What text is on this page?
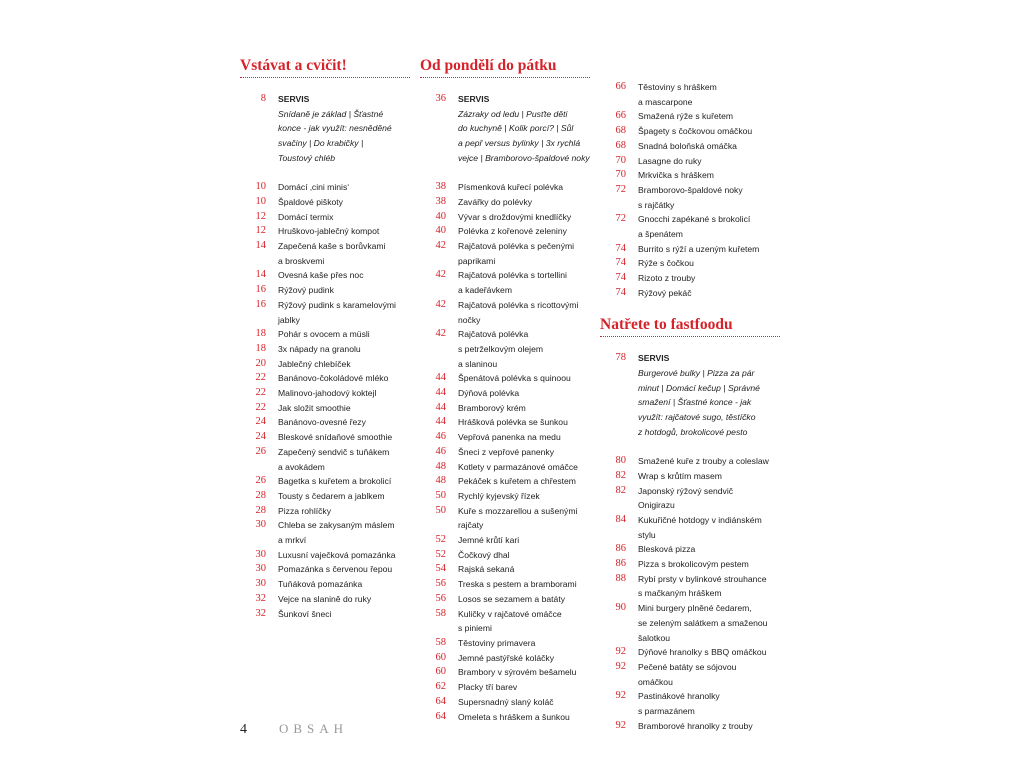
Vstávat a cvičit!
8	SERVIS
Snídaně je základ | Šťastné
konce - jak využít: nesněděné
svačiny | Do krabičky |
Toustový chléb
10	Domácí ‚cini minis‘
10	Špaldové piškoty
12	Domácí termix
12	Hruškovo-jablečný kompot
14	Zapečená kaše s borůvkami
a broskvemi
14	Ovesná kaše přes noc
16	Rýžový pudink
16	Rýžový pudink s karamelovými
jablky
18	Pohár s ovocem a müsli
18	3x nápady na granolu
20	Jablečný chlebíček
22	Banánovo-čokoládové mléko
22	Malinovo-jahodový koktejl
22	Jak složit smoothie
24	Banánovo-ovesné řezy
24	Bleskové snídaňové smoothie
26	Zapečený sendvič s tuňákem
a avokádem
26	Bagetka s kuřetem a brokolicí
28	Tousty s čedarem a jablkem
28	Pizza rohlíčky
30	Chleba se zakysaným máslem
a mrkví
30	Luxusní vaječková pomazánka
30	Pomazánka s červenou řepou
30	Tuňáková pomazánka
32	Vejce na slanině do ruky
32	Šunkoví šneci
Od pondělí do pátku
36	SERVIS
Zázraky od ledu | Pusťte děti
do kuchyně | Kolik porcí? | Sůl
a pepř versus bylinky | 3x rychlá
vejce | Bramborovo-špaldové noky
38	Písmenková kuřecí polévka
38	Zavářky do polévky
40	Vývar s droždovými knedlíčky
40	Polévka z kořenové zeleniny
42	Rajčatová polévka s pečenými
paprikami
42	Rajčatová polévka s tortellini
a kadeřávkem
42	Rajčatová polévka s ricottovými
nočky
42	Rajčatová polévka
s petrželkovým olejem
a slaninou
44	Špenátová polévka s quinoou
44	Dýňová polévka
44	Bramborový krém
44	Hrášková polévka se šunkou
46	Vepřová panenka na medu
46	Šneci z vepřové panenky
48	Kotlety v parmazánové omáčce
48	Pekáček s kuřetem a chřestem
50	Rychlý kyjevský řízek
50	Kuře s mozzarellou a sušenými
rajčaty
52	Jemné krůtí kari
52	Čočkový dhal
54	Rajská sekaná
56	Treska s pestem a bramborami
56	Losos se sezamem a batáty
58	Kuličky v rajčatové omáčce
s piniemi
58	Těstoviny primavera
60	Jemné pastýřské koláčky
60	Brambory v sýrovém bešamelu
62	Placky tří barev
64	Supersnadný slaný koláč
64	Omeleta s hráškem a šunkou
66	Těstoviny s hráškem
a mascarpone
66	Smažená rýže s kuřetem
68	Špagety s čočkovou omáčkou
68	Snadná boloňská omáčka
70	Lasagne do ruky
70	Mrkvička s hráškem
72	Bramborovo-špaldové noky
s rajčátky
72	Gnocchi zapékané s brokolicí
a špenátem
74	Burrito s rýží a uzeným kuřetem
74	Rýže s čočkou
74	Rizoto z trouby
74	Rýžový pekáč
Natřete to fastfoodu
78	SERVIS
Burgerové bulky | Pizza za pár
minut | Domácí kečup | Správné
smažení | Šťastné konce - jak
využít: rajčatové sugo, těstíčko
z hotdogů, brokolicové pesto
80	Smažené kuře z trouby a coleslaw
82	Wrap s krůtím masem
82	Japonský rýžový sendvič
Onigirazu
84	Kukuřičné hotdogy v indiánském
stylu
86	Blesková pizza
86	Pizza s brokolicovým pestem
88	Rybí prsty v bylinkové strouhance
s mačkaným hráškem
90	Mini burgery plněné čedarem,
se zeleným salátkem a smaženou
šalotkou
92	Dýňové hranolky s BBQ omáčkou
92	Pečené batáty se sójovou
omáčkou
92	Pastinákové hranolky
s parmazánem
92	Bramborové hranolky z trouby
4 OBSAH
